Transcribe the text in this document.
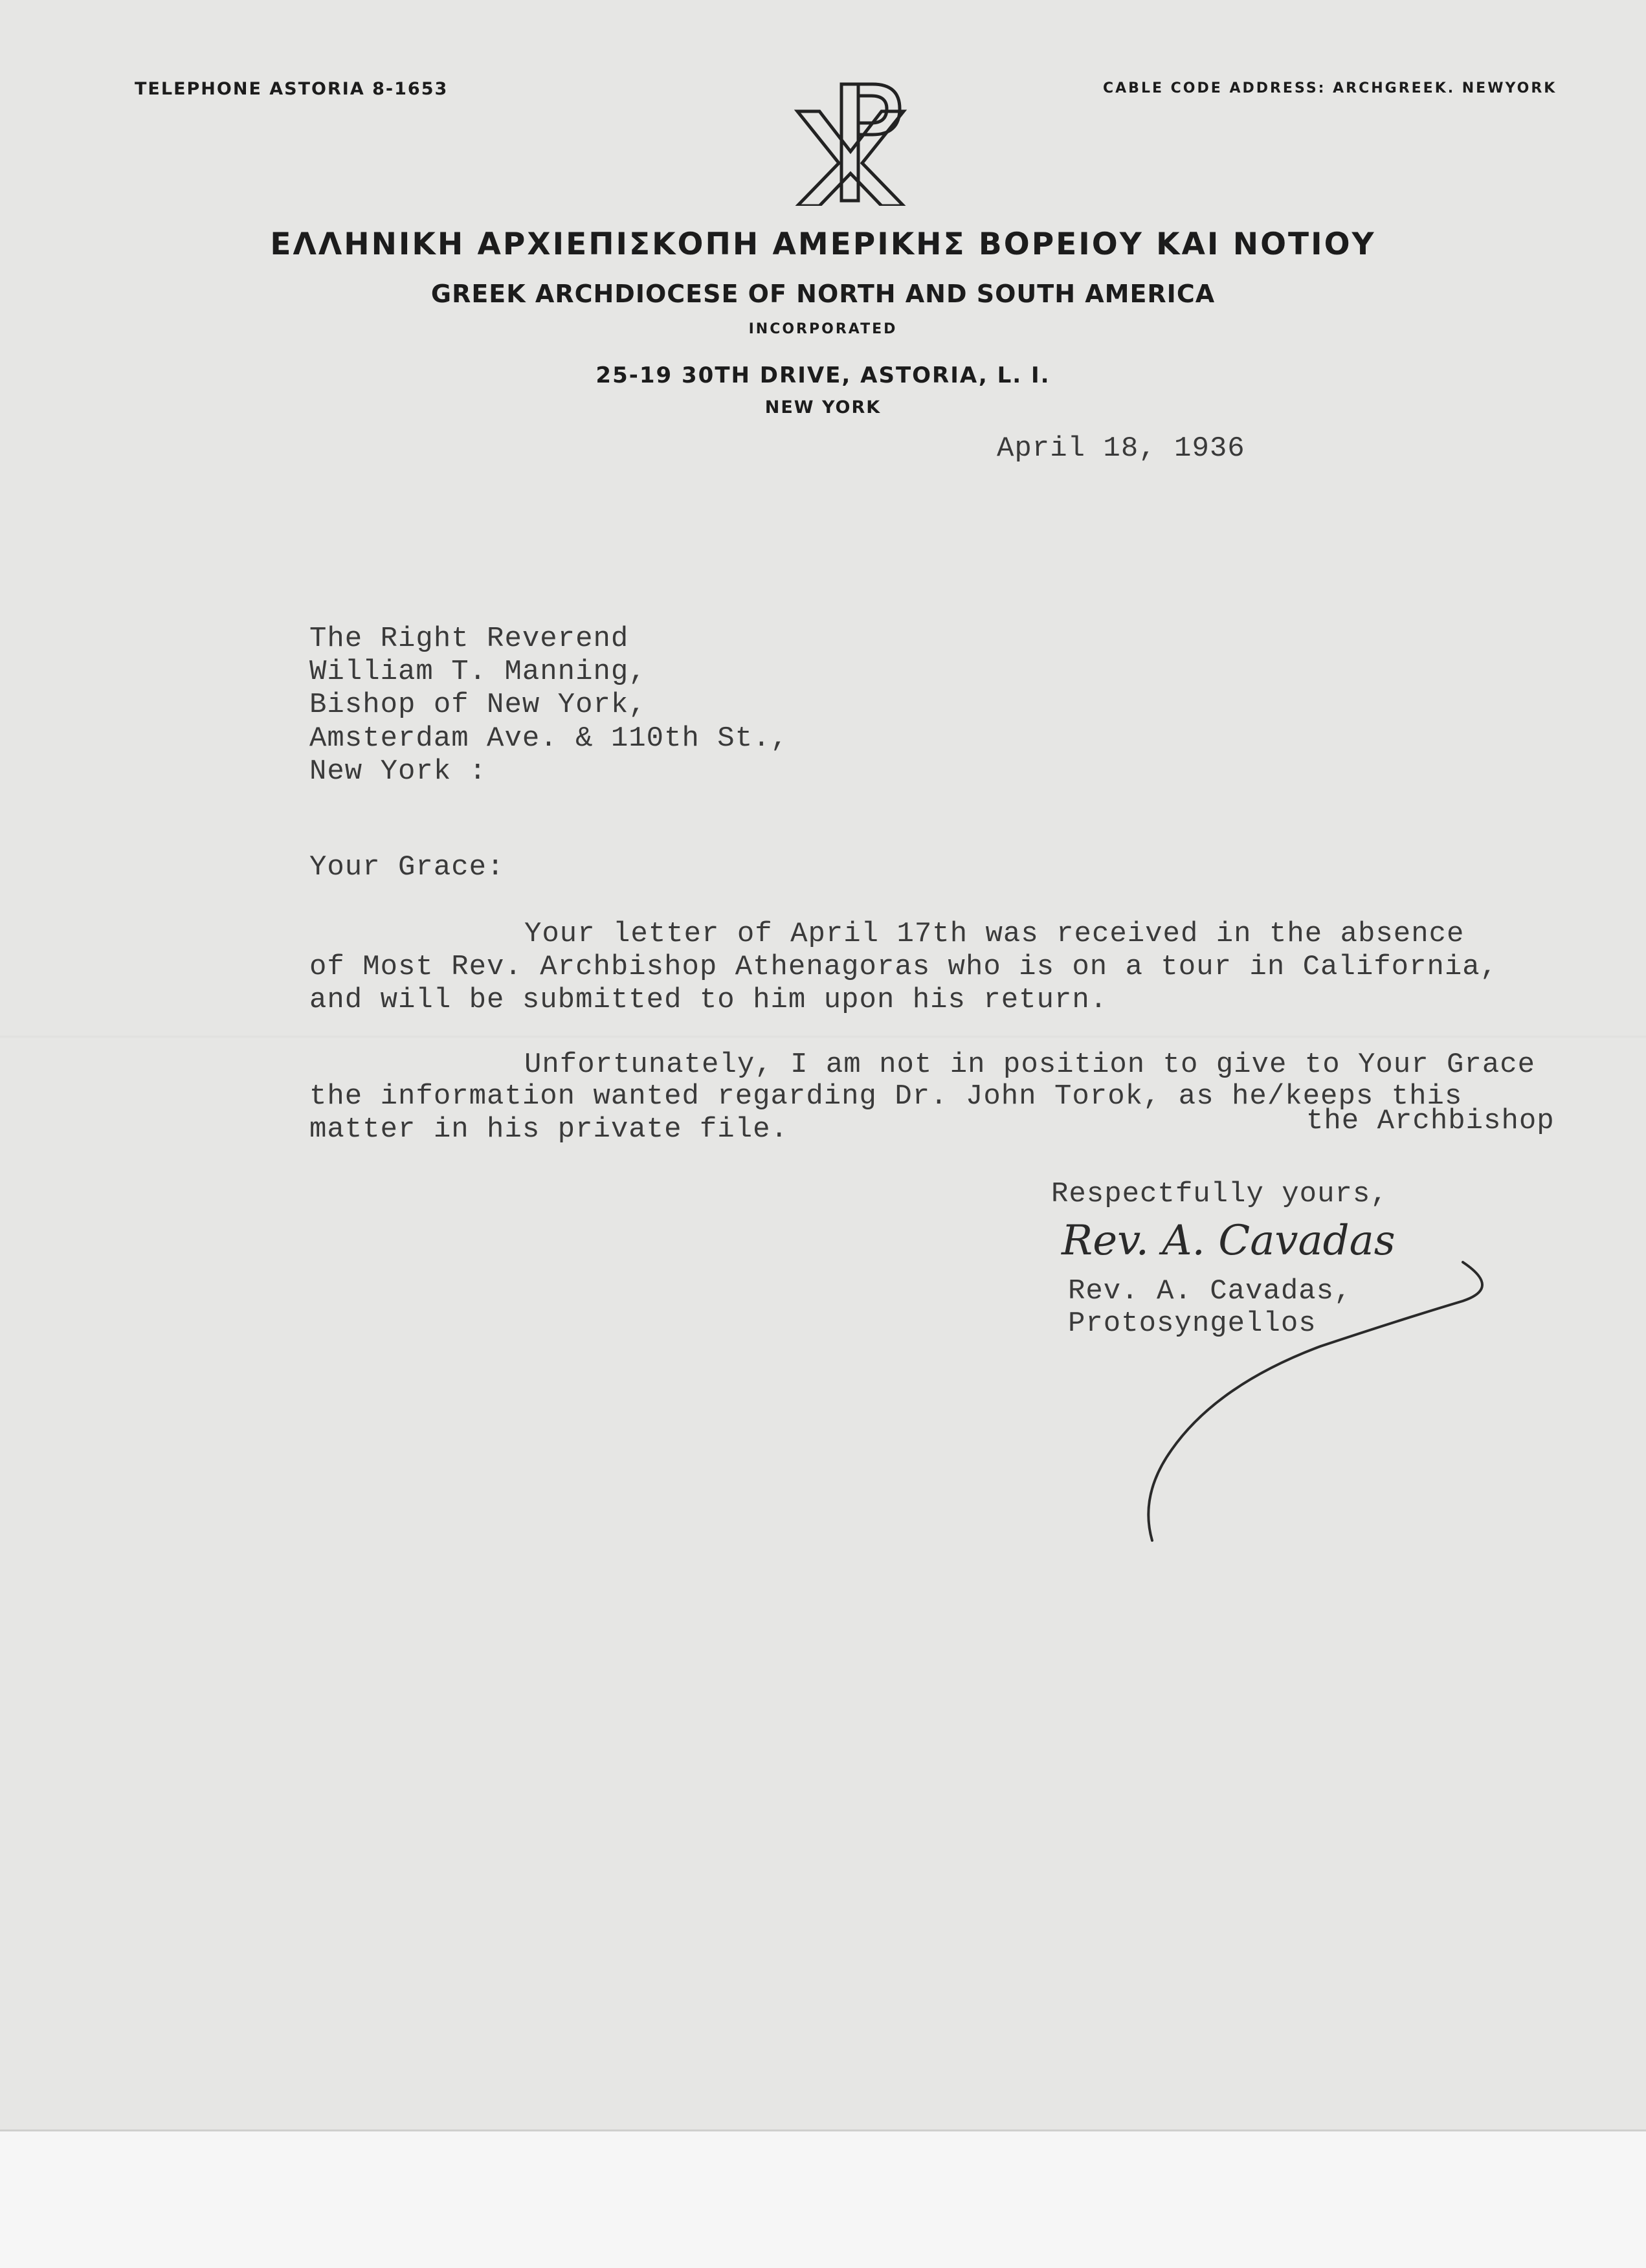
TELEPHONE ASTORIA 8-1653	CABLE CODE ADDRESS: ARCHGREEK. NEWYORK
ΕΛΛΗΝΙΚΗ ΑΡΧΙΕΠΙΣΚΟΠΗ ΑΜΕΡΙΚΗΣ ΒΟΡΕΙΟΥ ΚΑΙ ΝΟΤΙΟΥ
GREEK ARCHDIOCESE OF NORTH AND SOUTH AMERICA
INCORPORATED
25-19 30TH DRIVE, ASTORIA, L. I.
NEW YORK
April 18, 1936
The Right Reverend
William T. Manning,
Bishop of New York,
Amsterdam Ave. & 110th St.,
New York :
Your Grace:
Your letter of April 17th was received in the absence
of Most Rev. Archbishop Athenagoras who is on a tour in California,
and will be submitted to him upon his return.
Unfortunately, I am not in position to give to Your Grace
the information wanted regarding Dr. John Torok, as he/keeps this
the Archbishop
matter in his private file.
Respectfully yours,
Rev. A. Cavadas
Rev. A. Cavadas,
Protosyngellos
